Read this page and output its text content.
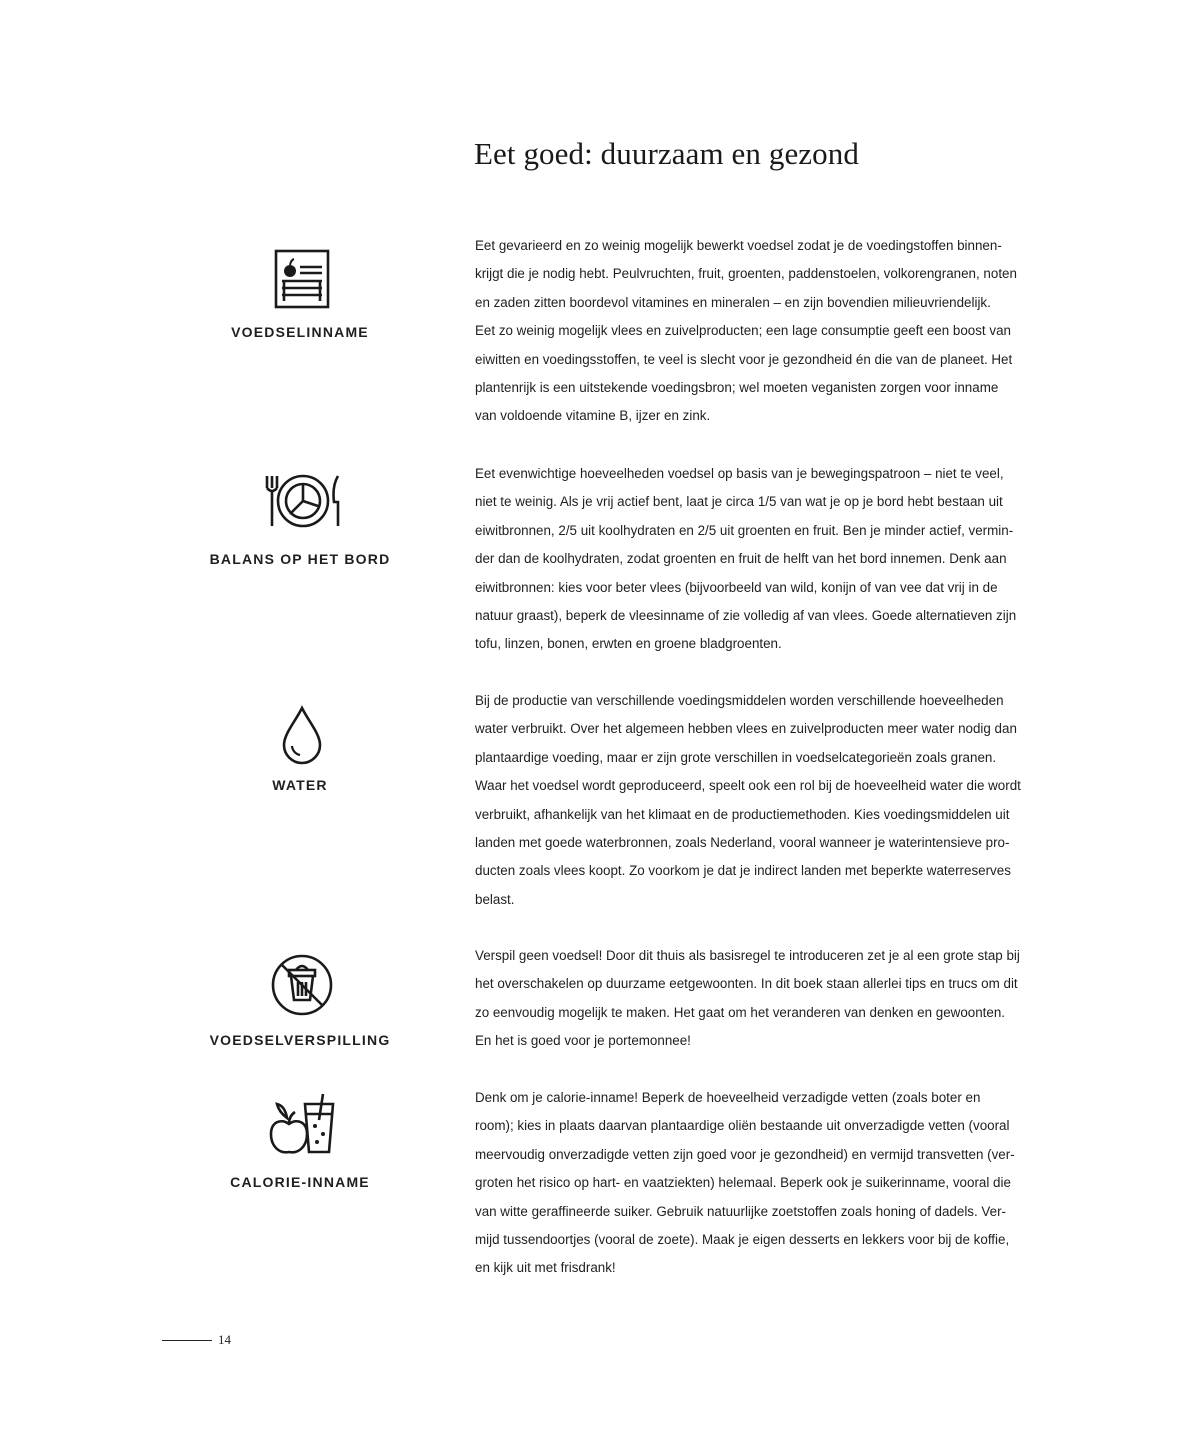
Eet goed: duurzaam en gezond
VOEDSELINNAME
Eet gevarieerd en zo weinig mogelijk bewerkt voedsel zodat je de voedingstoffen binnen-
krijgt die je nodig hebt. Peulvruchten, fruit, groenten, paddenstoelen, volkorengranen, noten
en zaden zitten boordevol vitamines en mineralen – en zijn bovendien milieuvriendelijk.
Eet zo weinig mogelijk vlees en zuivelproducten; een lage consumptie geeft een boost van
eiwitten en voedingsstoffen, te veel is slecht voor je gezondheid én die van de planeet. Het
plantenrijk is een uitstekende voedingsbron; wel moeten veganisten zorgen voor inname
van voldoende vitamine B, ijzer en zink.
BALANS OP HET BORD
Eet evenwichtige hoeveelheden voedsel op basis van je bewegingspatroon – niet te veel,
niet te weinig. Als je vrij actief bent, laat je circa 1/5 van wat je op je bord hebt bestaan uit
eiwitbronnen, 2/5 uit koolhydraten en 2/5 uit groenten en fruit. Ben je minder actief, vermin-
der dan de koolhydraten, zodat groenten en fruit de helft van het bord innemen. Denk aan
eiwitbronnen: kies voor beter vlees (bijvoorbeeld van wild, konijn of van vee dat vrij in de
natuur graast), beperk de vleesinname of zie volledig af van vlees. Goede alternatieven zijn
tofu, linzen, bonen, erwten en groene bladgroenten.
WATER
Bij de productie van verschillende voedingsmiddelen worden verschillende hoeveelheden
water verbruikt. Over het algemeen hebben vlees en zuivelproducten meer water nodig dan
plantaardige voeding, maar er zijn grote verschillen in voedselcategorieën zoals granen.
Waar het voedsel wordt geproduceerd, speelt ook een rol bij de hoeveelheid water die wordt
verbruikt, afhankelijk van het klimaat en de productiemethoden. Kies voedingsmiddelen uit
landen met goede waterbronnen, zoals Nederland, vooral wanneer je waterintensieve pro-
ducten zoals vlees koopt. Zo voorkom je dat je indirect landen met beperkte waterreserves
belast.
VOEDSELVERSPILLING
Verspil geen voedsel! Door dit thuis als basisregel te introduceren zet je al een grote stap bij
het overschakelen op duurzame eetgewoonten. In dit boek staan allerlei tips en trucs om dit
zo eenvoudig mogelijk te maken. Het gaat om het veranderen van denken en gewoonten.
En het is goed voor je portemonnee!
CALORIE-INNAME
Denk om je calorie-inname! Beperk de hoeveelheid verzadigde vetten (zoals boter en
room); kies in plaats daarvan plantaardige oliën bestaande uit onverzadigde vetten (vooral
meervoudig onverzadigde vetten zijn goed voor je gezondheid) en vermijd transvetten (ver-
groten het risico op hart- en vaatziekten) helemaal. Beperk ook je suikerinname, vooral die
van witte geraffineerde suiker. Gebruik natuurlijke zoetstoffen zoals honing of dadels. Ver-
mijd tussendoortjes (vooral de zoete). Maak je eigen desserts en lekkers voor bij de koffie,
en kijk uit met frisdrank!
14
